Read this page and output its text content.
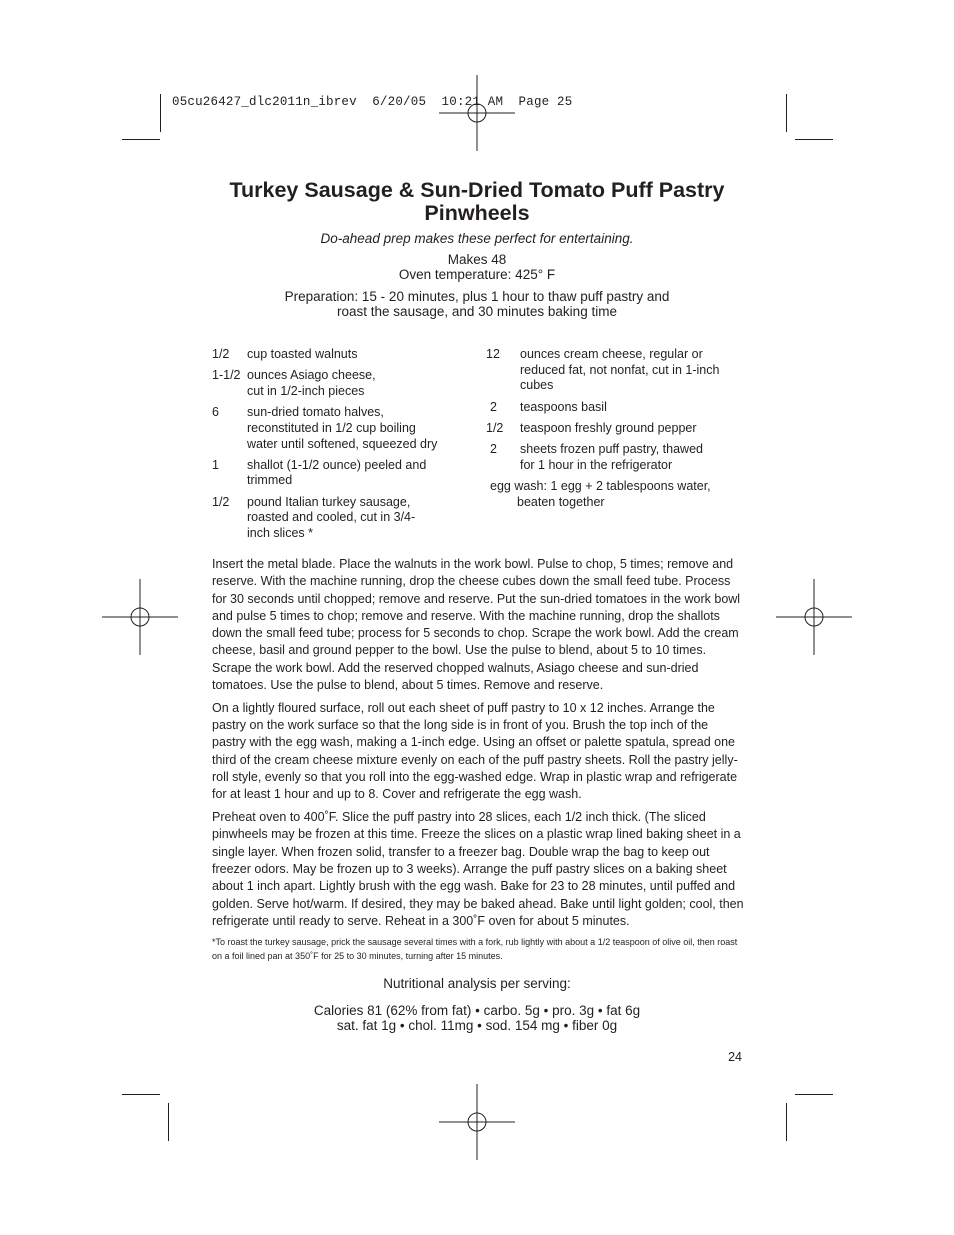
05cu26427_dlc2011n_ibrev  6/20/05  10:21 AM  Page 25
Turkey Sausage & Sun-Dried Tomato Puff Pastry Pinwheels
Do-ahead prep makes these perfect for entertaining.
Makes 48
Oven temperature: 425° F
Preparation: 15 - 20 minutes, plus 1 hour to thaw puff pastry and
roast the sausage, and 30 minutes baking time
1/2	cup toasted walnuts
1-1/2 ounces Asiago cheese, cut in 1/2-inch pieces
6	sun-dried tomato halves, reconstituted in 1/2 cup boiling water until softened, squeezed dry
1	shallot (1-1/2 ounce) peeled and trimmed
1/2	pound Italian turkey sausage, roasted and cooled, cut in 3/4-inch slices *
12	ounces cream cheese, regular or reduced fat, not nonfat, cut in 1-inch cubes
2	teaspoons basil
1/2	teaspoon freshly ground pepper
2	sheets frozen puff pastry, thawed for 1 hour in the refrigerator
egg wash: 1 egg + 2 tablespoons water,
beaten together

Insert the metal blade. Place the walnuts in the work bowl. Pulse to chop, 5 times; remove and reserve. With the machine running, drop the cheese cubes down the small feed tube. Process for 30 seconds until chopped; remove and reserve. Put the sun-dried tomatoes in the work bowl and pulse 5 times to chop; remove and reserve. With the machine running, drop the shallots down the small feed tube; process for 5 seconds to chop. Scrape the work bowl. Add the cream cheese, basil and ground pepper to the bowl. Use the pulse to blend, about 5 to 10 times. Scrape the work bowl. Add the reserved chopped walnuts, Asiago cheese and sun-dried tomatoes. Use the pulse to blend, about 5 times. Remove and reserve.

On a lightly floured surface, roll out each sheet of puff pastry to 10 x 12 inches. Arrange the pastry on the work surface so that the long side is in front of you. Brush the top inch of the pastry with the egg wash, making a 1-inch edge. Using an offset or palette spatula, spread one third of the cream cheese mixture evenly on each of the puff pastry sheets. Roll the pastry jelly-roll style, evenly so that you roll into the egg-washed edge. Wrap in plastic wrap and refrigerate for at least 1 hour and up to 8. Cover and refrigerate the egg wash.

Preheat oven to 400˚F. Slice the puff pastry into 28 slices, each 1/2 inch thick. (The sliced pinwheels may be frozen at this time. Freeze the slices on a plastic wrap lined baking sheet in a single layer. When frozen solid, transfer to a freezer bag. Double wrap the bag to keep out freezer odors. May be frozen up to 3 weeks). Arrange the puff pastry slices on a baking sheet about 1 inch apart. Lightly brush with the egg wash. Bake for 23 to 28 minutes, until puffed and golden. Serve hot/warm. If desired, they may be baked ahead. Bake until light golden; cool, then refrigerate until ready to serve. Reheat in a 300˚F oven for about 5 minutes.

*To roast the turkey sausage, prick the sausage several times with a fork, rub lightly with about a 1/2 teaspoon of olive oil, then roast on a foil lined pan at 350˚F for 25 to 30 minutes, turning after 15 minutes.
Nutritional analysis per serving:
Calories 81 (62% from fat) • carbo. 5g • pro. 3g • fat 6g
sat. fat 1g • chol. 11mg • sod. 154 mg • fiber 0g
24
